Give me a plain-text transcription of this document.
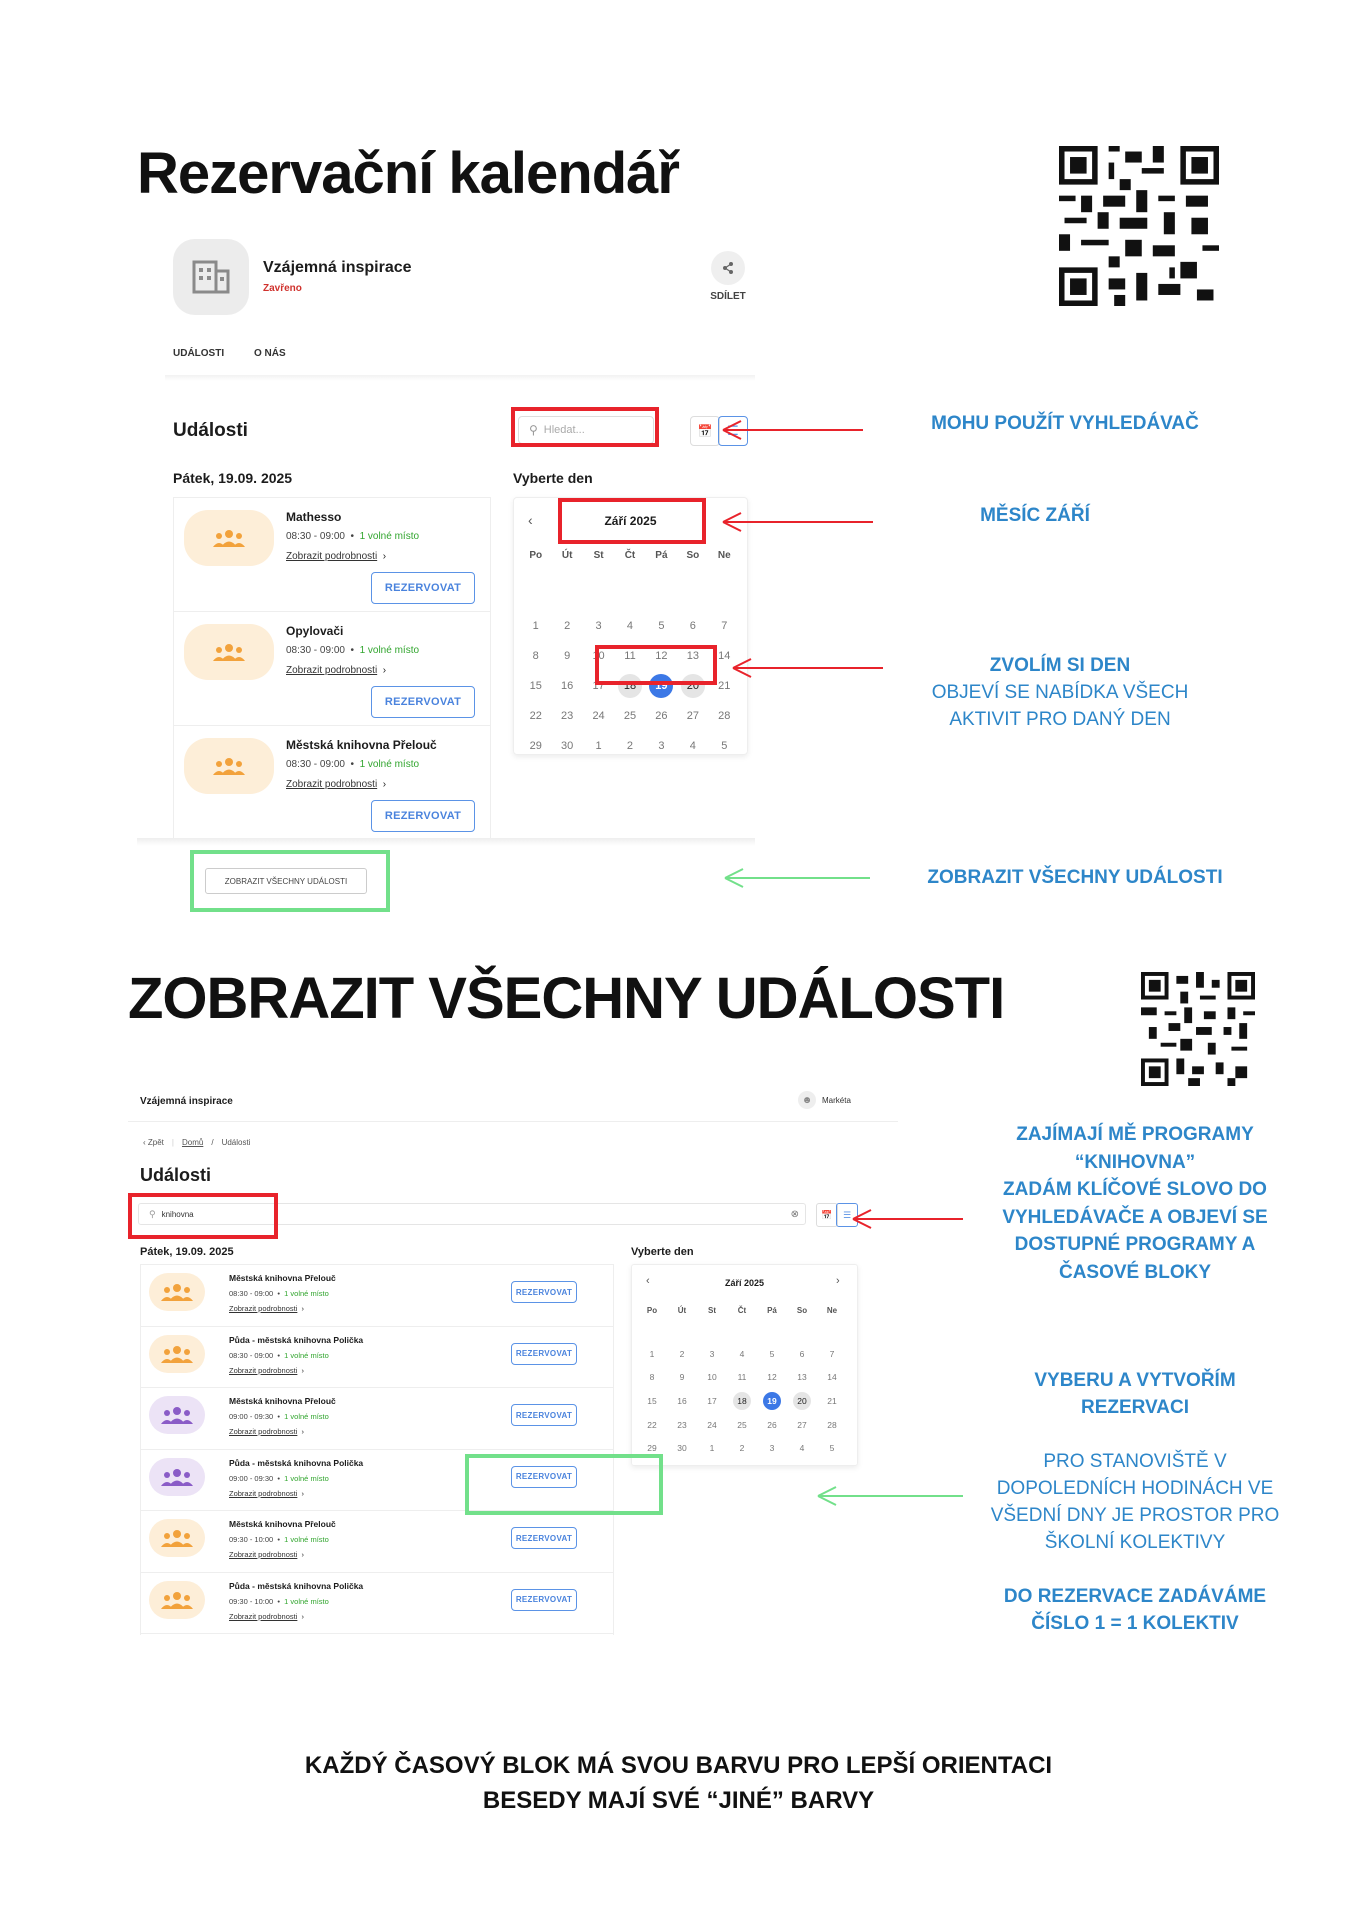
Rezervační kalendář
Vzájemná inspirace
Zavřeno
SDÍLET
UDÁLOSTI	O NÁS
Události	⚲ Hledat...	📅	☰	MOHU POUŽÍT VYHLEDÁVAČ
Pátek, 19.09. 2025	Vyberte den
Mathesso
08:30 - 09:00  •  1 volné místo
Zobrazit podrobnosti  ›
REZERVOVAT
Opylovači
08:30 - 09:00  •  1 volné místo
Zobrazit podrobnosti  ›
REZERVOVAT
Městská knihovna Přelouč
08:30 - 09:00  •  1 volné místo
Zobrazit podrobnosti  ›
REZERVOVAT
‹	Září 2025
Po	Út	St	Čt	Pá	So	Ne
1	2	3	4	5	6	7
8	9	10	11	12	13	14
15	16	17	18	19	20	21
22	23	24	25	26	27	28
29	30	1	2	3	4	5
MĚSÍC ZÁŘÍ
ZVOLÍM SI DEN
OBJEVÍ SE NABÍDKA VŠECH
AKTIVIT PRO DANÝ DEN
ZOBRAZIT VŠECHNY UDÁLOSTI	ZOBRAZIT VŠECHNY UDÁLOSTI
ZOBRAZIT VŠECHNY UDÁLOSTI
Vzájemná inspirace	☻	Markéta
‹ Zpět | Domů / Události
Události
⚲ knihovna	⊗	📅	☰
ZAJÍMAJÍ MĚ PROGRAMY
“KNIHOVNA”
ZADÁM KLÍČOVÉ SLOVO DO
VYHLEDÁVAČE A OBJEVÍ SE
DOSTUPNÉ PROGRAMY A
ČASOVÉ BLOKY
Pátek, 19.09. 2025	Vyberte den
Městská knihovna Přelouč
08:30 - 09:00  •  1 volné místo
Zobrazit podrobnosti  ›
REZERVOVAT
Půda - městská knihovna Polička
08:30 - 09:00  •  1 volné místo
Zobrazit podrobnosti  ›
REZERVOVAT
Městská knihovna Přelouč
09:00 - 09:30  •  1 volné místo
Zobrazit podrobnosti  ›
REZERVOVAT
Půda - městská knihovna Polička
09:00 - 09:30  •  1 volné místo
Zobrazit podrobnosti  ›
REZERVOVAT
Městská knihovna Přelouč
09:30 - 10:00  •  1 volné místo
Zobrazit podrobnosti  ›
REZERVOVAT
Půda - městská knihovna Polička
09:30 - 10:00  •  1 volné místo
Zobrazit podrobnosti  ›
REZERVOVAT
‹	›
Září 2025
Po	Út	St	Čt	Pá	So	Ne
1	2	3	4	5	6	7
8	9	10	11	12	13	14
15	16	17	18	19	20	21
22	23	24	25	26	27	28
29	30	1	2	3	4	5
VYBERU A VYTVOŘÍM
REZERVACI
PRO STANOVIŠTĚ V
DOPOLEDNÍCH HODINÁCH VE
VŠEDNÍ DNY JE PROSTOR PRO
ŠKOLNÍ KOLEKTIVY
DO REZERVACE ZADÁVÁME
ČÍSLO 1 = 1 KOLEKTIV
KAŽDÝ ČASOVÝ BLOK MÁ SVOU BARVU PRO LEPŠÍ ORIENTACI
BESEDY MAJÍ SVÉ “JINÉ” BARVY
